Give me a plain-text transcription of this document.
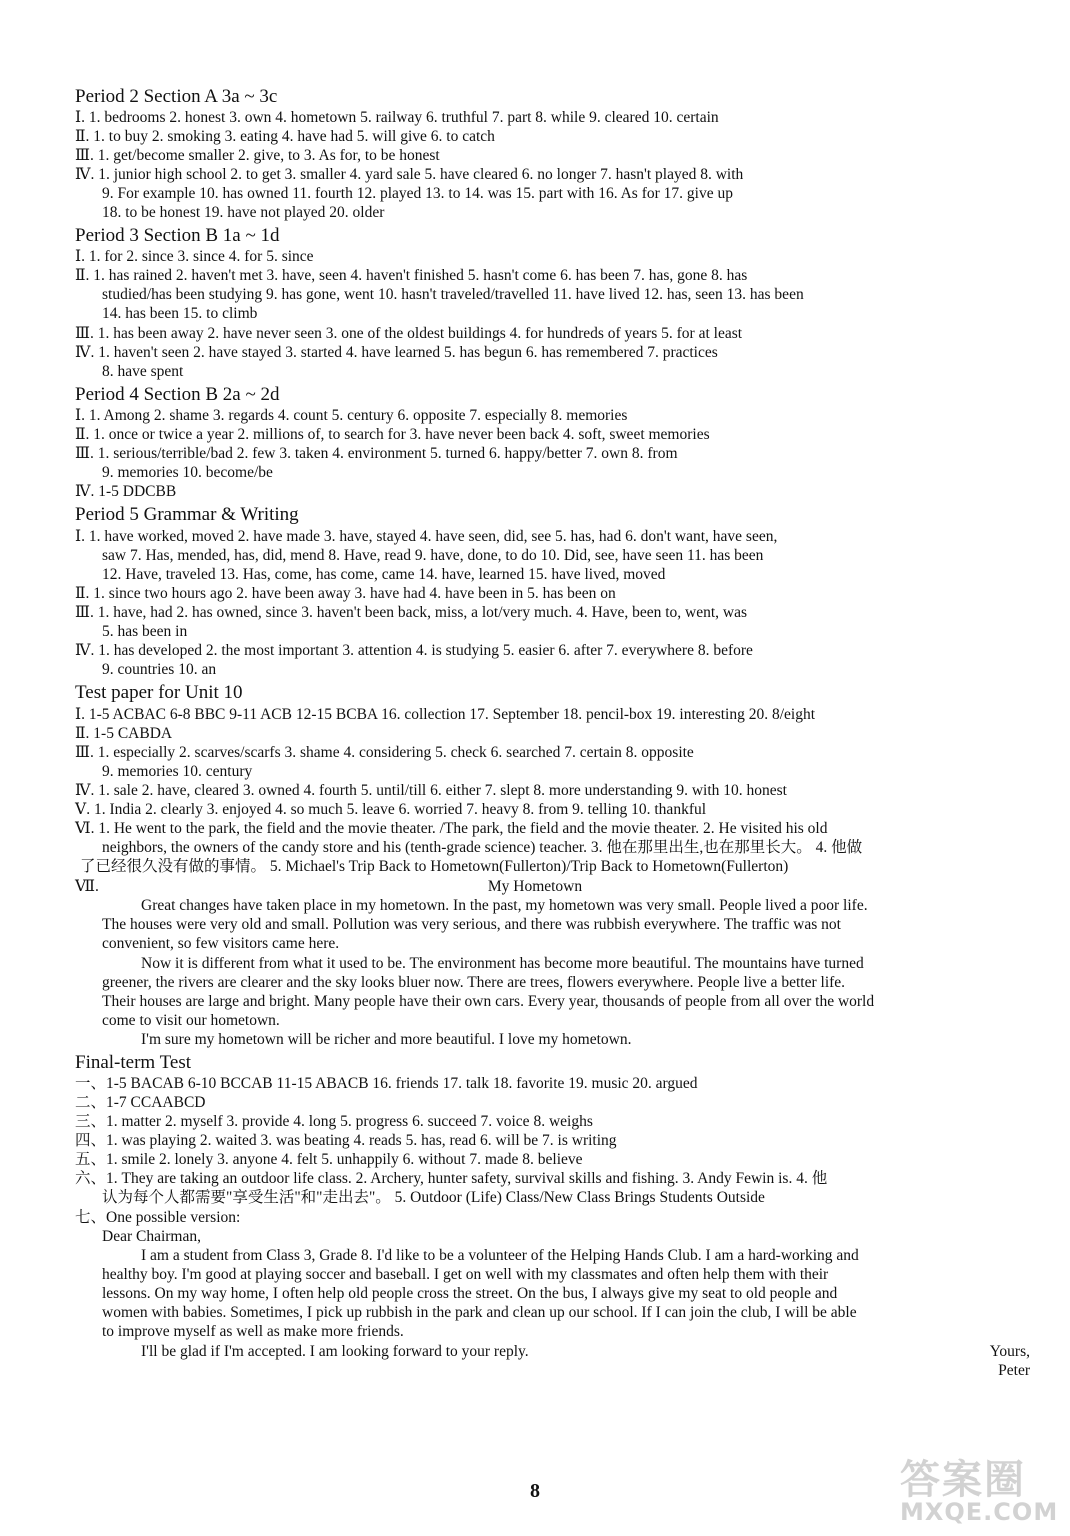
Period 2 Section A 3a ~ 3c
Ⅰ. 1. bedrooms 2. honest 3. own 4. hometown 5. railway 6. truthful 7. part 8. while 9. cleared 10. certain
Ⅱ. 1. to buy 2. smoking 3. eating 4. have had 5. will give 6. to catch
Ⅲ. 1. get/become smaller 2. give, to 3. As for, to be honest
Ⅳ. 1. junior high school 2. to get 3. smaller 4. yard sale 5. have cleared 6. no longer 7. hasn't played 8. with
9. For example 10. has owned 11. fourth 12. played 13. to 14. was 15. part with 16. As for 17. give up
18. to be honest 19. have not played 20. older
Period 3 Section B 1a ~ 1d
Ⅰ. 1. for 2. since 3. since 4. for 5. since
Ⅱ. 1. has rained 2. haven't met 3. have, seen 4. haven't finished 5. hasn't come 6. has been 7. has, gone 8. has
studied/has been studying 9. has gone, went 10. hasn't traveled/travelled 11. have lived 12. has, seen 13. has been
14. has been 15. to climb
Ⅲ. 1. has been away 2. have never seen 3. one of the oldest buildings 4. for hundreds of years 5. for at least
Ⅳ. 1. haven't seen 2. have stayed 3. started 4. have learned 5. has begun 6. has remembered 7. practices
8. have spent
Period 4 Section B 2a ~ 2d
Ⅰ. 1. Among 2. shame 3. regards 4. count 5. century 6. opposite 7. especially 8. memories
Ⅱ. 1. once or twice a year 2. millions of, to search for 3. have never been back 4. soft, sweet memories
Ⅲ. 1. serious/terrible/bad 2. few 3. taken 4. environment 5. turned 6. happy/better 7. own 8. from
9. memories 10. become/be
Ⅳ. 1-5 DDCBB
Period 5 Grammar & Writing
Ⅰ. 1. have worked, moved 2. have made 3. have, stayed 4. have seen, did, see 5. has, had 6. don't want, have seen,
saw 7. Has, mended, has, did, mend 8. Have, read 9. have, done, to do 10. Did, see, have seen 11. has been
12. Have, traveled 13. Has, come, has come, came 14. have, learned 15. have lived, moved
Ⅱ. 1. since two hours ago 2. have been away 3. have had 4. have been in 5. has been on
Ⅲ. 1. have, had 2. has owned, since 3. haven't been back, miss, a lot/very much. 4. Have, been to, went, was
5. has been in
Ⅳ. 1. has developed 2. the most important 3. attention 4. is studying 5. easier 6. after 7. everywhere 8. before
9. countries 10. an
Test paper for Unit 10
Ⅰ. 1-5 ACBAC 6-8 BBC 9-11 ACB 12-15 BCBA 16. collection 17. September 18. pencil-box 19. interesting 20. 8/eight
Ⅱ. 1-5 CABDA
Ⅲ. 1. especially 2. scarves/scarfs 3. shame 4. considering 5. check 6. searched 7. certain 8. opposite
9. memories 10. century
Ⅳ. 1. sale 2. have, cleared 3. owned 4. fourth 5. until/till 6. either 7. slept 8. more understanding 9. with 10. honest
Ⅴ. 1. India 2. clearly 3. enjoyed 4. so much 5. leave 6. worried 7. heavy 8. from 9. telling 10. thankful
Ⅵ. 1. He went to the park, the field and the movie theater. /The park, the field and the movie theater. 2. He visited his old
neighbors, the owners of the candy store and his (tenth-grade science) teacher. 3. 他在那里出生,也在那里长大。 4. 他做
了已经很久没有做的事情。 5. Michael's Trip Back to Hometown(Fullerton)/Trip Back to Hometown(Fullerton)
Ⅶ.	My Hometown
Great changes have taken place in my hometown. In the past, my hometown was very small. People lived a poor life.
The houses were very old and small. Pollution was very serious, and there was rubbish everywhere. The traffic was not
convenient, so few visitors came here.
Now it is different from what it used to be. The environment has become more beautiful. The mountains have turned
greener, the rivers are clearer and the sky looks bluer now. There are trees, flowers everywhere. People live a better life.
Their houses are large and bright. Many people have their own cars. Every year, thousands of people from all over the world
come to visit our hometown.
I'm sure my hometown will be richer and more beautiful. I love my hometown.
Final-term Test
一、1-5 BACAB 6-10 BCCAB 11-15 ABACB 16. friends 17. talk 18. favorite 19. music 20. argued
二、1-7 CCAABCD
三、1. matter 2. myself 3. provide 4. long 5. progress 6. succeed 7. voice 8. weighs
四、1. was playing 2. waited 3. was beating 4. reads 5. has, read 6. will be 7. is writing
五、1. smile 2. lonely 3. anyone 4. felt 5. unhappily 6. without 7. made 8. believe
六、1. They are taking an outdoor life class. 2. Archery, hunter safety, survival skills and fishing. 3. Andy Fewin is. 4. 他
认为每个人都需要"享受生活"和"走出去"。 5. Outdoor (Life) Class/New Class Brings Students Outside
七、One possible version:
Dear Chairman,
I am a student from Class 3, Grade 8. I'd like to be a volunteer of the Helping Hands Club. I am a hard-working and
healthy boy. I'm good at playing soccer and baseball. I get on well with my classmates and often help them with their
lessons. On my way home, I often help old people cross the street. On the bus, I always give my seat to old people and
women with babies. Sometimes, I pick up rubbish in the park and clean up our school. If I can join the club, I will be able
to improve myself as well as make more friends.
I'll be glad if I'm accepted. I am looking forward to your reply.	Yours,
Peter
8	答案圈
MXQE.COM
